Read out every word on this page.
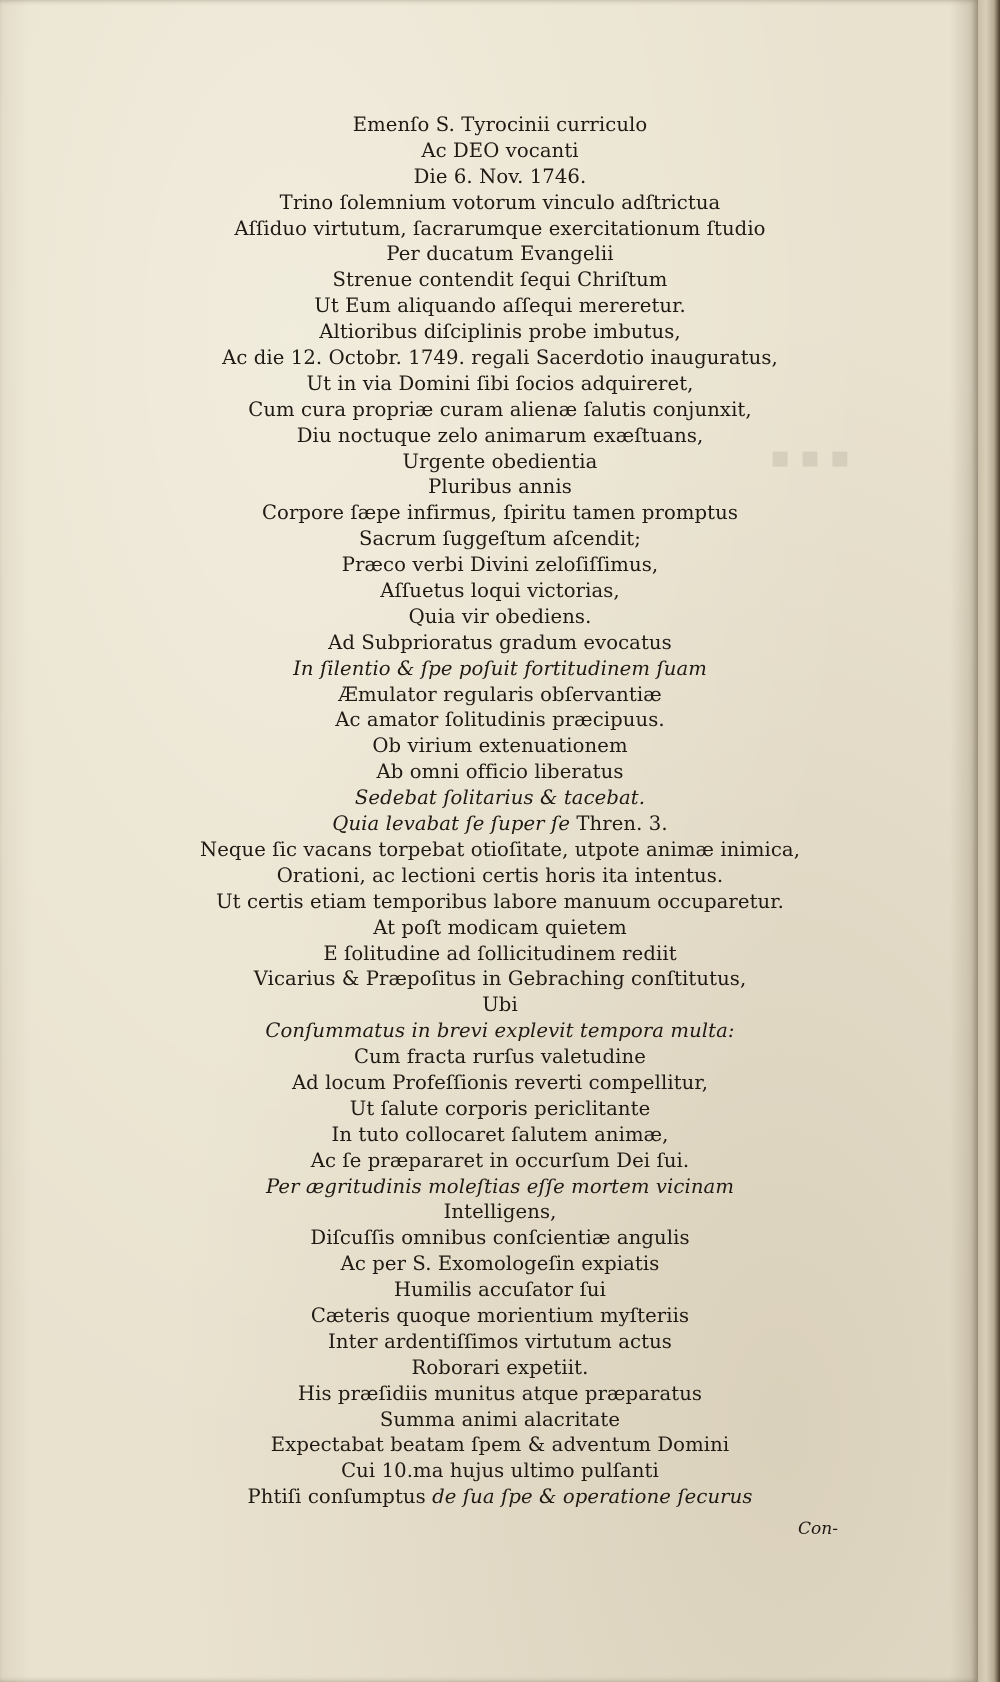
▪ ▪ ▪
Emenſo S. Tyrocinii curriculo
Ac DEO vocanti
Die 6. Nov. 1746.
Trino ſolemnium votorum vinculo adſtrictua
Aſſiduo virtutum, ſacrarumque exercitationum ſtudio
Per ducatum Evangelii
Strenue contendit ſequi Chriſtum
Ut Eum aliquando aſſequi mereretur.
Altioribus diſciplinis probe imbutus,
Ac die 12. Octobr. 1749. regali Sacerdotio inauguratus,
Ut in via Domini ſibi ſocios adquireret,
Cum cura propriæ curam alienæ ſalutis conjunxit,
Diu noctuque zelo animarum exæſtuans,
Urgente obedientia
Pluribus annis
Corpore ſæpe infirmus, ſpiritu tamen promptus
Sacrum ſuggeſtum aſcendit;
Præco verbi Divini zeloſiſſimus,
Aſſuetus loqui victorias,
Quia vir obediens.
Ad Subprioratus gradum evocatus
In ſilentio & ſpe poſuit fortitudinem ſuam
Æmulator regularis obſervantiæ
Ac amator ſolitudinis præcipuus.
Ob virium extenuationem
Ab omni officio liberatus
Sedebat ſolitarius & tacebat.
Quia levabat ſe ſuper ſe Thren. 3.
Neque ſic vacans torpebat otioſitate, utpote animæ inimica,
Orationi, ac lectioni certis horis ita intentus.
Ut certis etiam temporibus labore manuum occuparetur.
At poſt modicam quietem
E ſolitudine ad ſollicitudinem rediit
Vicarius & Præpoſitus in Gebraching conſtitutus,
Ubi
Conſummatus in brevi explevit tempora multa:
Cum fracta rurſus valetudine
Ad locum Profeſſionis reverti compellitur,
Ut ſalute corporis periclitante
In tuto collocaret ſalutem animæ,
Ac ſe præpararet in occurſum Dei ſui.
Per ægritudinis moleſtias eſſe mortem vicinam
Intelligens,
Diſcuſſis omnibus conſcientiæ angulis
Ac per S. Exomologeſin expiatis
Humilis accuſator ſui
Cæteris quoque morientium myſteriis
Inter ardentiſſimos virtutum actus
Roborari expetiit.
His præſidiis munitus atque præparatus
Summa animi alacritate
Expectabat beatam ſpem & adventum Domini
Cui 10.ma hujus ultimo pulſanti
Phtiſi conſumptus de ſua ſpe & operatione ſecurus
Con-
